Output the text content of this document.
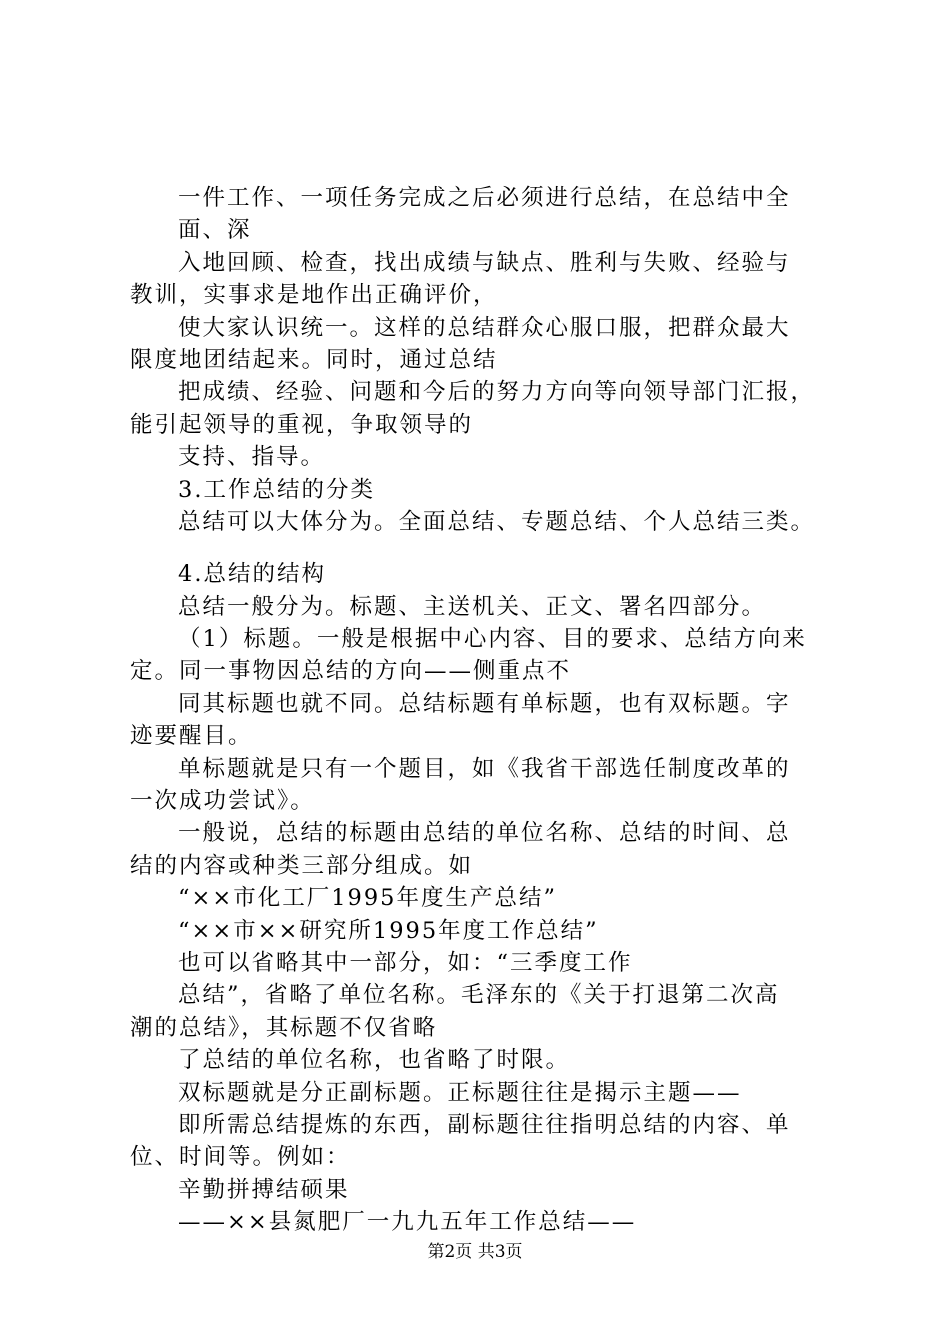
一件工作、一项任务完成之后必须进行总结，在总结中全
面、深
入地回顾、检查，找出成绩与缺点、胜利与失败、经验与
教训，实事求是地作出正确评价，
使大家认识统一。这样的总结群众心服口服，把群众最大
限度地团结起来。同时，通过总结
把成绩、经验、问题和今后的努力方向等向领导部门汇报，
能引起领导的重视，争取领导的
支持、指导。
3.工作总结的分类
总结可以大体分为。全面总结、专题总结、个人总结三类。
4.总结的结构
总结一般分为。标题、主送机关、正文、署名四部分。
（1）标题。一般是根据中心内容、目的要求、总结方向来
定。同一事物因总结的方向——侧重点不
同其标题也就不同。总结标题有单标题，也有双标题。字
迹要醒目。
单标题就是只有一个题目，如《我省干部选任制度改革的
一次成功尝试》。
一般说，总结的标题由总结的单位名称、总结的时间、总
结的内容或种类三部分组成。如
“××市化工厂1995年度生产总结”
“××市××研究所1995年度工作总结”
也可以省略其中一部分，如：“三季度工作
总结”，省略了单位名称。毛泽东的《关于打退第二次高
潮的总结》，其标题不仅省略
了总结的单位名称，也省略了时限。
双标题就是分正副标题。正标题往往是揭示主题——
即所需总结提炼的东西，副标题往往指明总结的内容、单
位、时间等。例如：
辛勤拼搏结硕果
——××县氮肥厂一九九五年工作总结——
第2页 共3页
